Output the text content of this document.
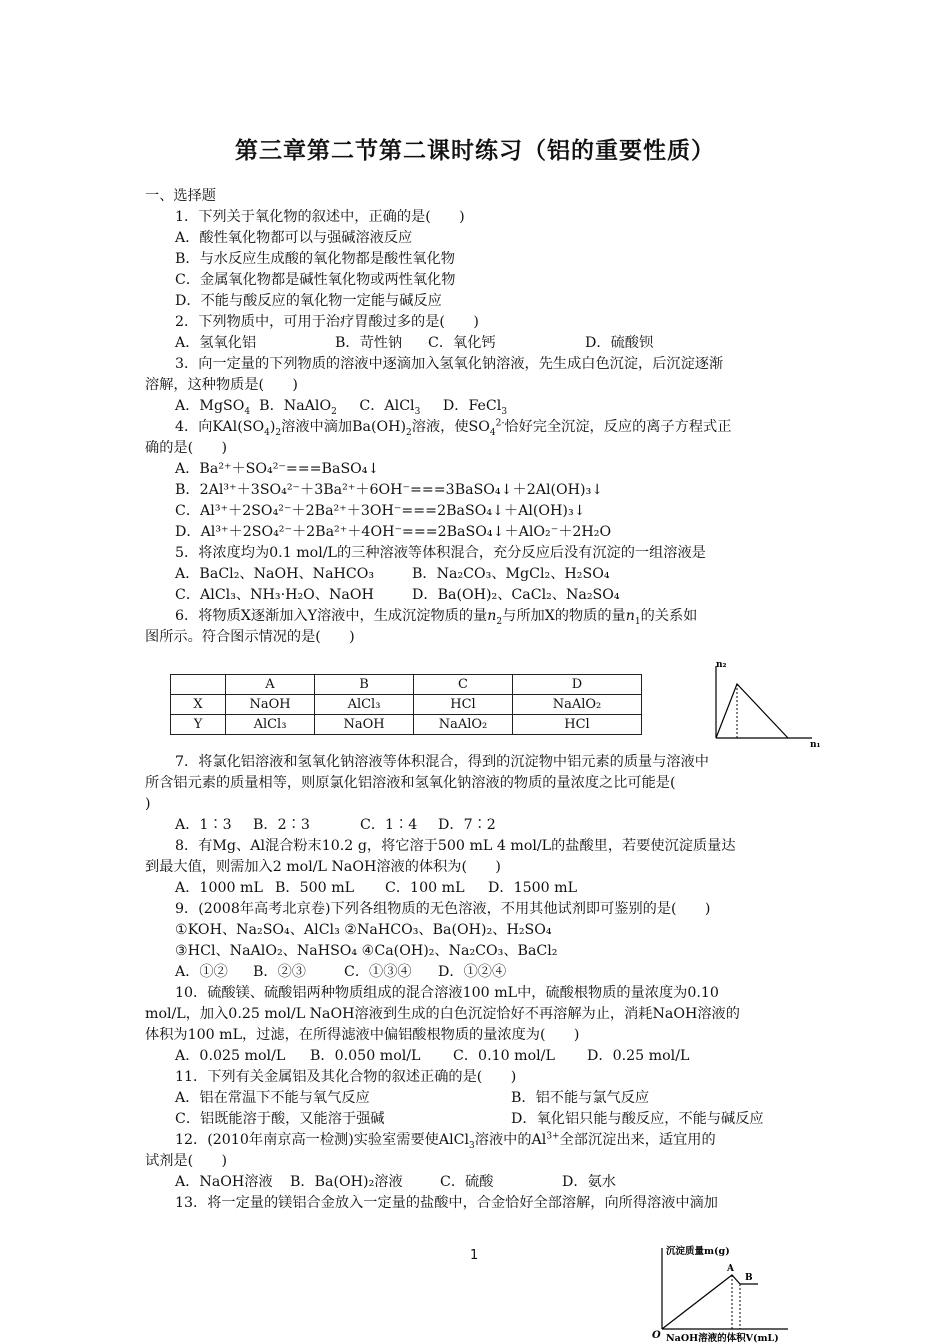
第三章第二节第二课时练习（铝的重要性质）
一、选择题
1．下列关于氧化物的叙述中，正确的是(　　)
A．酸性氧化物都可以与强碱溶液反应
B．与水反应生成酸的氧化物都是酸性氧化物
C．金属氧化物都是碱性氧化物或两性氧化物
D．不能与酸反应的氧化物一定能与碱反应
2．下列物质中，可用于治疗胃酸过多的是(　　)
A．氢氧化铝	B．苛性钠 C．氧化钙	D．硫酸钡
3．向一定量的下列物质的溶液中逐滴加入氢氧化钠溶液，先生成白色沉淀，后沉淀逐渐
溶解，这种物质是(　　)
A．MgSO$_4$ B．NaAlO$_2$ C．AlCl$_3$ D．FeCl$_3$
4．向$KAl(SO_4)_2$溶液中滴加$Ba(OH)_2$溶液，使$SO_4^{2-}$恰好完全沉淀，反应的离子方程式正
确的是(　　)
A．Ba²⁺＋SO₄²⁻===BaSO₄↓
B．2Al³⁺＋3SO₄²⁻＋3Ba²⁺＋6OH⁻===3BaSO₄↓＋2Al(OH)₃↓
C．Al³⁺＋2SO₄²⁻＋2Ba²⁺＋3OH⁻===2BaSO₄↓＋Al(OH)₃↓
D．Al³⁺＋2SO₄²⁻＋2Ba²⁺＋4OH⁻===2BaSO₄↓＋AlO₂⁻＋2H₂O
5．将浓度均为0.1 mol/L的三种溶液等体积混合，充分反应后没有沉淀的一组溶液是
A．BaCl₂、NaOH、NaHCO₃	B．Na₂CO₃、MgCl₂、H₂SO₄
C．AlCl₃、NH₃·H₂O、NaOH	D．Ba(OH)₂、CaCl₂、Na₂SO₄
6．将物质X逐渐加入Y溶液中，生成沉淀物质的量$n_2$与所加X的物质的量$n_1$的关系如
图所示。符合图示情况的是(　　)
	A	B	C	D
X	NaOH	AlCl₃	HCl	NaAlO₂
Y	AlCl₃	NaOH	NaAlO₂	HCl
n₂
n₁
7．将氯化铝溶液和氢氧化钠溶液等体积混合，得到的沉淀物中铝元素的质量与溶液中
所含铝元素的质量相等，则原氯化铝溶液和氢氧化钠溶液的物质的量浓度之比可能是(
)
A．1∶3 B．2∶3	C．1∶4 D．7∶2
8．有Mg、Al混合粉末10.2 g，将它溶于500 mL 4 mol/L的盐酸里，若要使沉淀质量达
到最大值，则需加入2 mol/L NaOH溶液的体积为(　　)
A．1000 mL B．500 mL C．100 mL D．1500 mL
9．(2008年高考北京卷)下列各组物质的无色溶液，不用其他试剂即可鉴别的是(　　)
①KOH、Na₂SO₄、AlCl₃ ②NaHCO₃、Ba(OH)₂、H₂SO₄
③HCl、NaAlO₂、NaHSO₄ ④Ca(OH)₂、Na₂CO₃、BaCl₂
A．①② B．②③	C．①③④ D．①②④
10．硫酸镁、硫酸铝两种物质组成的混合溶液100 mL中，硫酸根物质的量浓度为0.10
mol/L，加入0.25 mol/L NaOH溶液到生成的白色沉淀恰好不再溶解为止，消耗NaOH溶液的
体积为100 mL，过滤，在所得滤液中偏铝酸根物质的量浓度为(　　)
A．0.025 mol/L B．0.050 mol/L C．0.10 mol/L D．0.25 mol/L
11．下列有关金属铝及其化合物的叙述正确的是(　　)
A．铝在常温下不能与氧气反应	B．铝不能与氯气反应
C．铝既能溶于酸，又能溶于强碱	D．氧化铝只能与酸反应，不能与碱反应
12．(2010年南京高一检测)实验室需要使AlCl$_3$溶液中的$Al^{3+}$全部沉淀出来，适宜用的
试剂是(　　)
A．NaOH溶液 B．Ba(OH)₂溶液	C．硫酸	D．氨水
13．将一定量的镁铝合金放入一定量的盐酸中，合金恰好全部溶解，向所得溶液中滴加
1	沉淀质量m(g)
NaOH溶液的体积V(mL)
A
B
O
